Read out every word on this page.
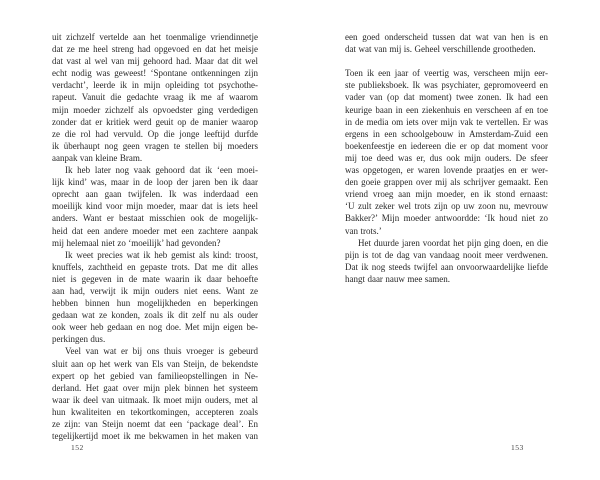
uit zichzelf vertelde aan het toenmalige vriendinnetje
dat ze me heel streng had opgevoed en dat het meisje
dat vast al wel van mij gehoord had. Maar dat dit wel
echt nodig was geweest! ‘Spontane ontkenningen zijn
verdacht’, leerde ik in mijn opleiding tot psychothe-
rapeut. Vanuit die gedachte vraag ik me af waarom
mijn moeder zichzelf als opvoedster ging verdedigen
zonder dat er kritiek werd geuit op de manier waarop
ze die rol had vervuld. Op die jonge leeftijd durfde
ik überhaupt nog geen vragen te stellen bij moeders
aanpak van kleine Bram.
Ik heb later nog vaak gehoord dat ik ‘een moei-
lijk kind’ was, maar in de loop der jaren ben ik daar
oprecht aan gaan twijfelen. Ik was inderdaad een
moeilijk kind voor mijn moeder, maar dat is iets heel
anders. Want er bestaat misschien ook de mogelijk-
heid dat een andere moeder met een zachtere aanpak
mij helemaal niet zo ‘moeilijk’ had gevonden?
Ik weet precies wat ik heb gemist als kind: troost,
knuffels, zachtheid en gepaste trots. Dat me dit alles
niet is gegeven in de mate waarin ik daar behoefte
aan had, verwijt ik mijn ouders niet eens. Want ze
hebben binnen hun mogelijkheden en beperkingen
gedaan wat ze konden, zoals ik dit zelf nu als ouder
ook weer heb gedaan en nog doe. Met mijn eigen be-
perkingen dus.
Veel van wat er bij ons thuis vroeger is gebeurd
sluit aan op het werk van Els van Steijn, de bekendste
expert op het gebied van familieopstellingen in Ne-
derland. Het gaat over mijn plek binnen het systeem
waar ik deel van uitmaak. Ik moet mijn ouders, met al
hun kwaliteiten en tekortkomingen, accepteren zoals
ze zijn: van Steijn noemt dat een ‘package deal’. En
tegelijkertijd moet ik me bekwamen in het maken van
152
een goed onderscheid tussen dat wat van hen is en
dat wat van mij is. Geheel verschillende grootheden.

Toen ik een jaar of veertig was, verscheen mijn eer-
ste publieksboek. Ik was psychiater, gepromoveerd en
vader van (op dat moment) twee zonen. Ik had een
keurige baan in een ziekenhuis en verscheen af en toe
in de media om iets over mijn vak te vertellen. Er was
ergens in een schoolgebouw in Amsterdam-Zuid een
boekenfeestje en iedereen die er op dat moment voor
mij toe deed was er, dus ook mijn ouders. De sfeer
was opgetogen, er waren lovende praatjes en er wer-
den goeie grappen over mij als schrijver gemaakt. Een
vriend vroeg aan mijn moeder, en ik stond ernaast:
‘U zult zeker wel trots zijn op uw zoon nu, mevrouw
Bakker?’ Mijn moeder antwoordde: ‘Ik houd niet zo
van trots.’
Het duurde jaren voordat het pijn ging doen, en die
pijn is tot de dag van vandaag nooit meer verdwenen.
Dat ik nog steeds twijfel aan onvoorwaardelijke liefde
hangt daar nauw mee samen.
153
